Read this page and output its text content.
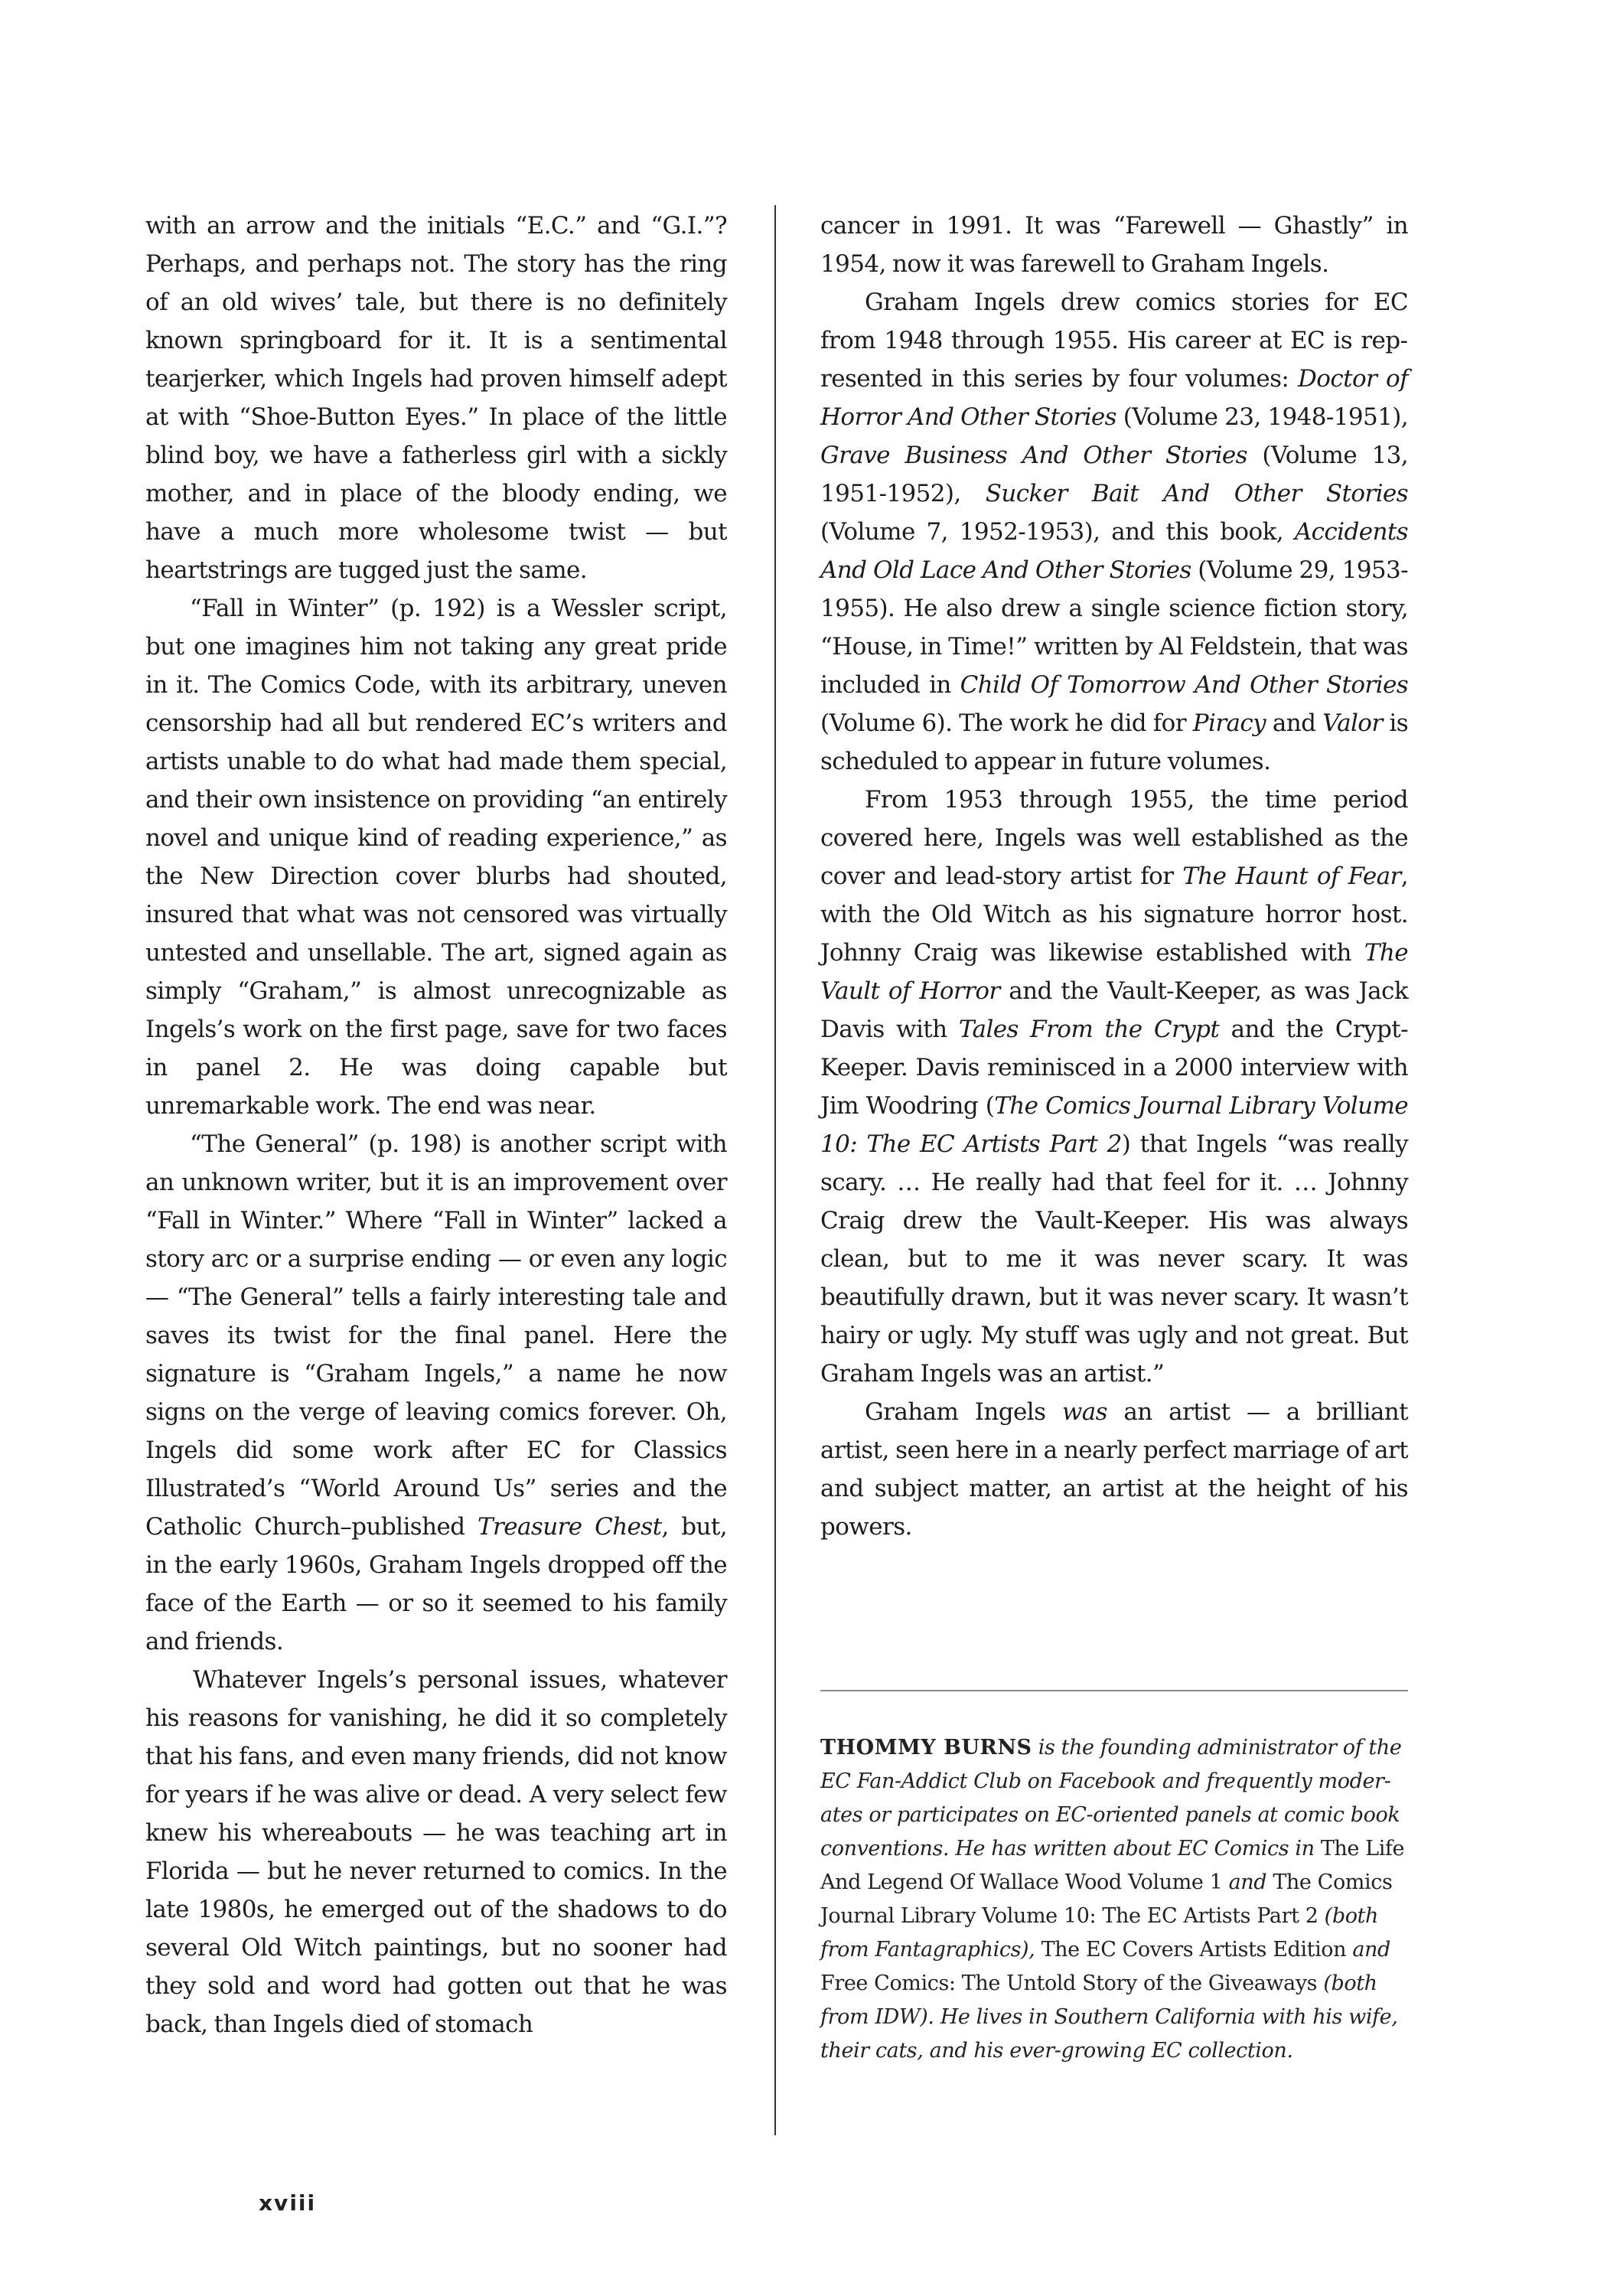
with an arrow and the initials “E.C.” and “G.I.”? Perhaps, and perhaps not. The story has the ring of an old wives’ tale, but there is no definitely known springboard for it. It is a sentimental tearjerker, which Ingels had proven himself adept at with “Shoe-Button Eyes.” In place of the little blind boy, we have a fatherless girl with a sickly mother, and in place of the bloody ending, we have a much more wholesome twist — but heartstrings are tugged just the same.

“Fall in Winter” (p. 192) is a Wessler script, but one imagines him not taking any great pride in it. The Comics Code, with its arbitrary, uneven censorship had all but rendered EC’s writers and artists unable to do what had made them special, and their own insistence on providing “an entirely novel and unique kind of reading experience,” as the New Direction cover blurbs had shouted, insured that what was not censored was virtually untested and unsellable. The art, signed again as simply “Graham,” is almost unrecognizable as Ingels’s work on the first page, save for two faces in panel 2. He was doing capable but unremarkable work. The end was near.

“The General” (p. 198) is another script with an unknown writer, but it is an improvement over “Fall in Winter.” Where “Fall in Winter” lacked a story arc or a surprise ending — or even any logic — “The General” tells a fairly interesting tale and saves its twist for the final panel. Here the signature is “Graham Ingels,” a name he now signs on the verge of leaving comics forever. Oh, Ingels did some work after EC for Classics Illustrated’s “World Around Us” series and the Catholic Church–published Treasure Chest, but, in the early 1960s, Graham Ingels dropped off the face of the Earth — or so it seemed to his family and friends.

Whatever Ingels’s personal issues, whatever his reasons for vanishing, he did it so completely that his fans, and even many friends, did not know for years if he was alive or dead. A very select few knew his whereabouts — he was teaching art in Florida — but he never returned to comics. In the late 1980s, he emerged out of the shadows to do several Old Witch paintings, but no sooner had they sold and word had gotten out that he was back, than Ingels died of stomach

cancer in 1991. It was “Farewell — Ghastly” in 1954, now it was farewell to Graham Ingels.

Graham Ingels drew comics stories for EC from 1948 through 1955. His career at EC is represented in this series by four volumes: Doctor of Horror And Other Stories (Volume 23, 1948-1951), Grave Business And Other Stories (Volume 13, 1951-1952), Sucker Bait And Other Stories (Volume 7, 1952-1953), and this book, Accidents And Old Lace And Other Stories (Volume 29, 1953-1955). He also drew a single science fiction story, “House, in Time!” written by Al Feldstein, that was included in Child Of Tomorrow And Other Stories (Volume 6). The work he did for Piracy and Valor is scheduled to appear in future volumes.

From 1953 through 1955, the time period covered here, Ingels was well established as the cover and lead-story artist for The Haunt of Fear, with the Old Witch as his signature horror host. Johnny Craig was likewise established with The Vault of Horror and the Vault-Keeper, as was Jack Davis with Tales From the Crypt and the Crypt-Keeper. Davis reminisced in a 2000 interview with Jim Woodring (The Comics Journal Library Volume 10: The EC Artists Part 2) that Ingels “was really scary. … He really had that feel for it. … Johnny Craig drew the Vault-Keeper. His was always clean, but to me it was never scary. It was beautifully drawn, but it was never scary. It wasn’t hairy or ugly. My stuff was ugly and not great. But Graham Ingels was an artist.”

Graham Ingels was an artist — a brilliant artist, seen here in a nearly perfect marriage of art and subject matter, an artist at the height of his powers.

THOMMY BURNS is the founding administrator of the EC Fan-Addict Club on Facebook and frequently moderates or participates on EC-oriented panels at comic book conventions. He has written about EC Comics in The Life And Legend Of Wallace Wood Volume 1 and The Comics Journal Library Volume 10: The EC Artists Part 2 (both from Fantagraphics), The EC Covers Artists Edition and Free Comics: The Untold Story of the Giveaways (both from IDW). He lives in Southern California with his wife, their cats, and his ever-growing EC collection.

xviii
